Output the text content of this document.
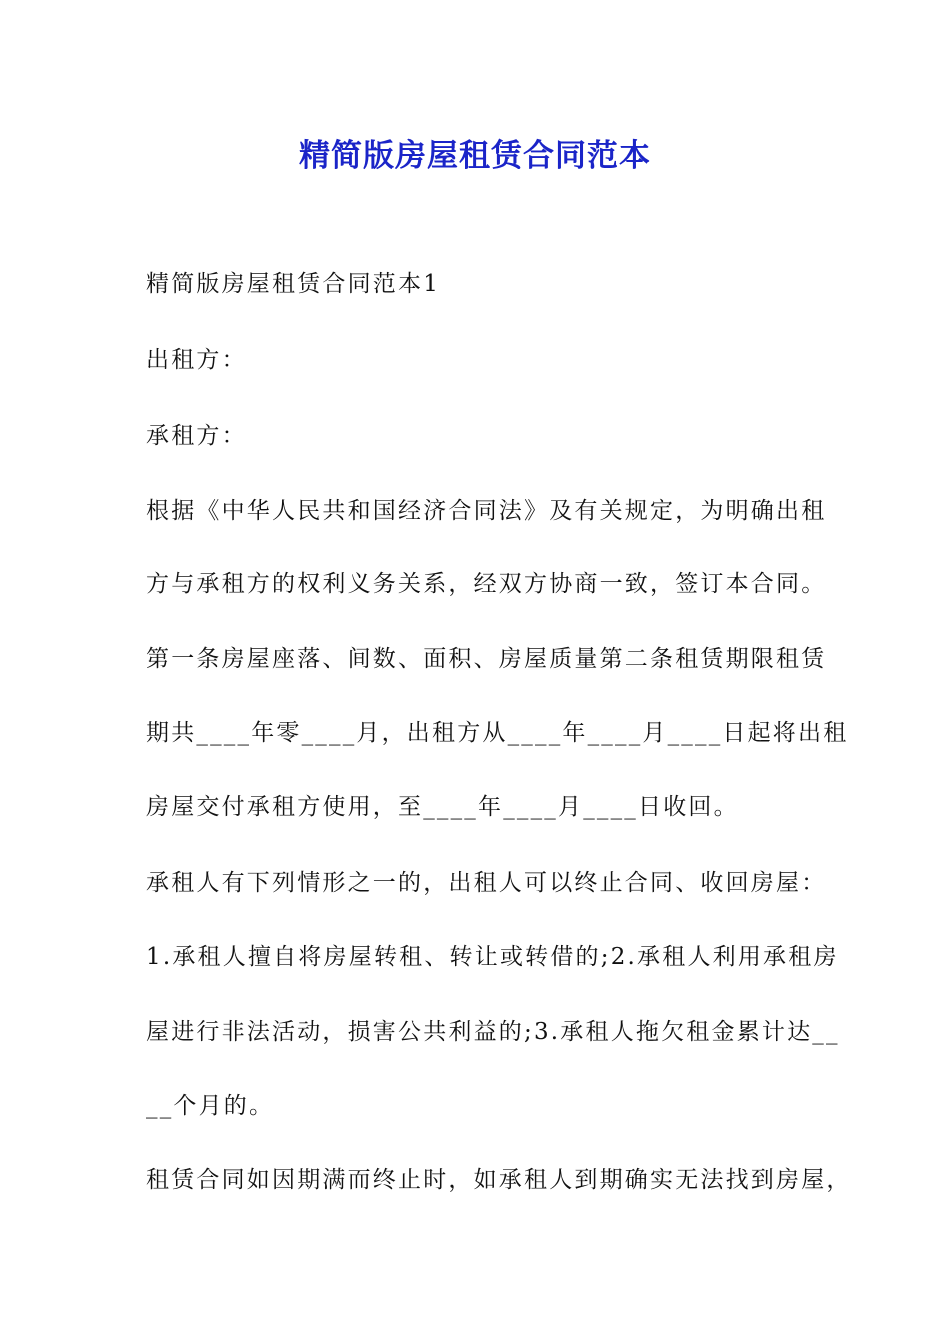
精简版房屋租赁合同范本
精简版房屋租赁合同范本1
出租方：
承租方：
根据《中华人民共和国经济合同法》及有关规定，为明确出租
方与承租方的权利义务关系，经双方协商一致，签订本合同。
第一条房屋座落、间数、面积、房屋质量第二条租赁期限租赁
期共____年零____月，出租方从____年____月____日起将出租
房屋交付承租方使用，至____年____月____日收回。
承租人有下列情形之一的，出租人可以终止合同、收回房屋：
1.承租人擅自将房屋转租、转让或转借的;2.承租人利用承租房
屋进行非法活动，损害公共利益的;3.承租人拖欠租金累计达__
__个月的。
租赁合同如因期满而终止时，如承租人到期确实无法找到房屋，
